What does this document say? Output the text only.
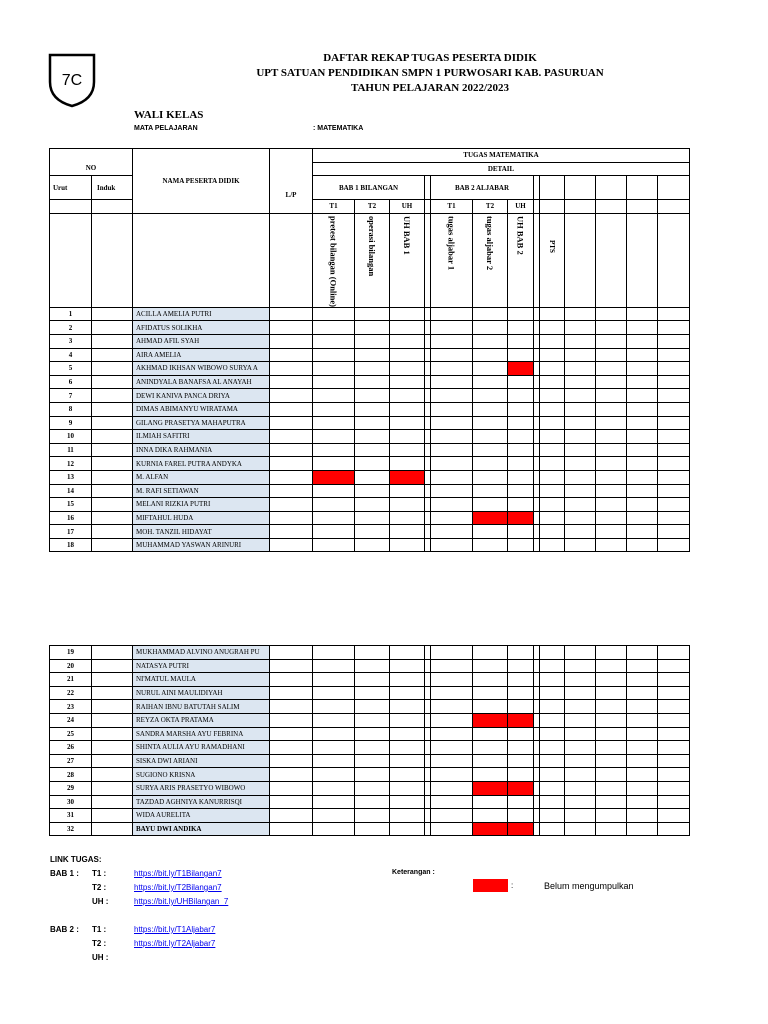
7C
DAFTAR REKAP TUGAS PESERTA DIDIK
UPT SATUAN PENDIDIKAN SMPN 1 PURWOSARI KAB. PASURUAN
TAHUN PELAJARAN 2022/2023
WALI KELAS
MATA PELAJARAN	: MATEMATIKA
NO		NAMA PESERTA DIDIK	L/P	TUGAS MATEMATIKA												
				DETAIL												
Urut	Induk			BAB 1 BILANGAN				BAB 2 ALJABAR								
				T1	T2	UH		T1	T2	UH						

				pretest bilangan (Online)	operasi bilangan	UH BAB 1		tugas aljabar 1	tugas aljabar 2	UH BAB 2		PTS				

1		ACILLA AMELIA PUTRI														
2		AFIDATUS SOLIKHA														
3		AHMAD AFIL SYAH														
4		AIRA AMELIA														
5		AKHMAD IKHSAN WIBOWO SURYA A														
6		ANINDYALA BANAFSA AL ANAYAH														
7		DEWI KANIVA PANCA DRIYA														
8		DIMAS ABIMANYU WIRATAMA														
9		GILANG PRASETYA MAHAPUTRA														
10		ILMIAH SAFITRI														
11		INNA DIKA RAHMANIA														
12		KURNIA FAREL PUTRA ANDYKA														
13		M. ALFAN														
14		M. RAFI SETIAWAN														
15		MELANI RIZKIA PUTRI														
16		MIFTAHUL HUDA														
17		MOH. TANZIL HIDAYAT														
18		MUHAMMAD YASWAN ARINURI														
19		MUKHAMMAD ALVINO ANUGRAH PU														
20		NATASYA PUTRI														
21		NI'MATUL MAULA														
22		NURUL AINI MAULIDIYAH														
23		RAIHAN IBNU BATUTAH SALIM														
24		REYZA OKTA PRATAMA														
25		SANDRA MARSHA AYU FEBRINA														
26		SHINTA AULIA AYU RAMADHANI														
27		SISKA DWI ARIANI														
28		SUGIONO KRISNA														
29		SURYA ARIS PRASETYO WIBOWO														
30		TAZDAD AGHNIYA KANURRISQI														
31		WIDA AURELITA														
32		BAYU DWI ANDIKA														
LINK TUGAS:
BAB 1 : T1 :	https://bit.ly/T1Bilangan7
T2 :	https://bit.ly/T2Bilangan7
UH :	https://bit.ly/UHBilangan_7
BAB 2 : T1 :	https://bit.ly/T1Aljabar7
T2 :	https://bit.ly/T2Aljabar7
UH :
Keterangan :
:	Belum mengumpulkan
